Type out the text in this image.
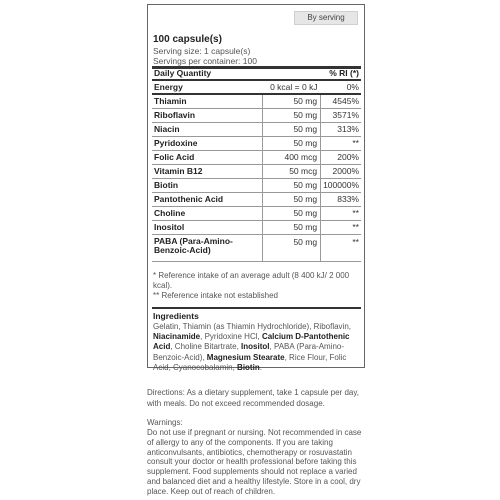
By serving
100 capsule(s)
Serving size: 1 capsule(s)
Servings per container: 100
Daily Quantity	% RI (*)	
Energy	0 kcal = 0 kJ	0%
Thiamin	50 mg	4545%
Riboflavin	50 mg	3571%
Niacin	50 mg	313%
Pyridoxine	50 mg	**
Folic Acid	400 mcg	200%
Vitamin B12	50 mcg	2000%
Biotin	50 mg	100000%
Pantothenic Acid	50 mg	833%
Choline	50 mg	**
Inositol	50 mg	**
PABA (Para-Amino-Benzoic-Acid)	50 mg	**
* Reference intake of an average adult (8 400 kJ/ 2 000 kcal).
** Reference intake not established
Ingredients
Gelatin, Thiamin (as Thiamin Hydrochloride), Riboflavin, Niacinamide, Pyridoxine HCl, Calcium D-Pantothenic Acid, Choline Bitartrate, Inositol, PABA (Para-Amino-Benzoic-Acid), Magnesium Stearate, Rice Flour, Folic Acid, Cyanocobalamin, Biotin.
Directions: As a dietary supplement, take 1 capsule per day, with meals. Do not exceed recommended dosage.
Warnings:
Do not use if pregnant or nursing. Not recommended in case of allergy to any of the components. If you are taking anticonvulsants, antibiotics, chemotherapy or rosuvastatin consult your doctor or health professional before taking this supplement. Food supplements should not replace a varied and balanced diet and a healthy lifestyle. Store in a cool, dry place. Keep out of reach of children.
